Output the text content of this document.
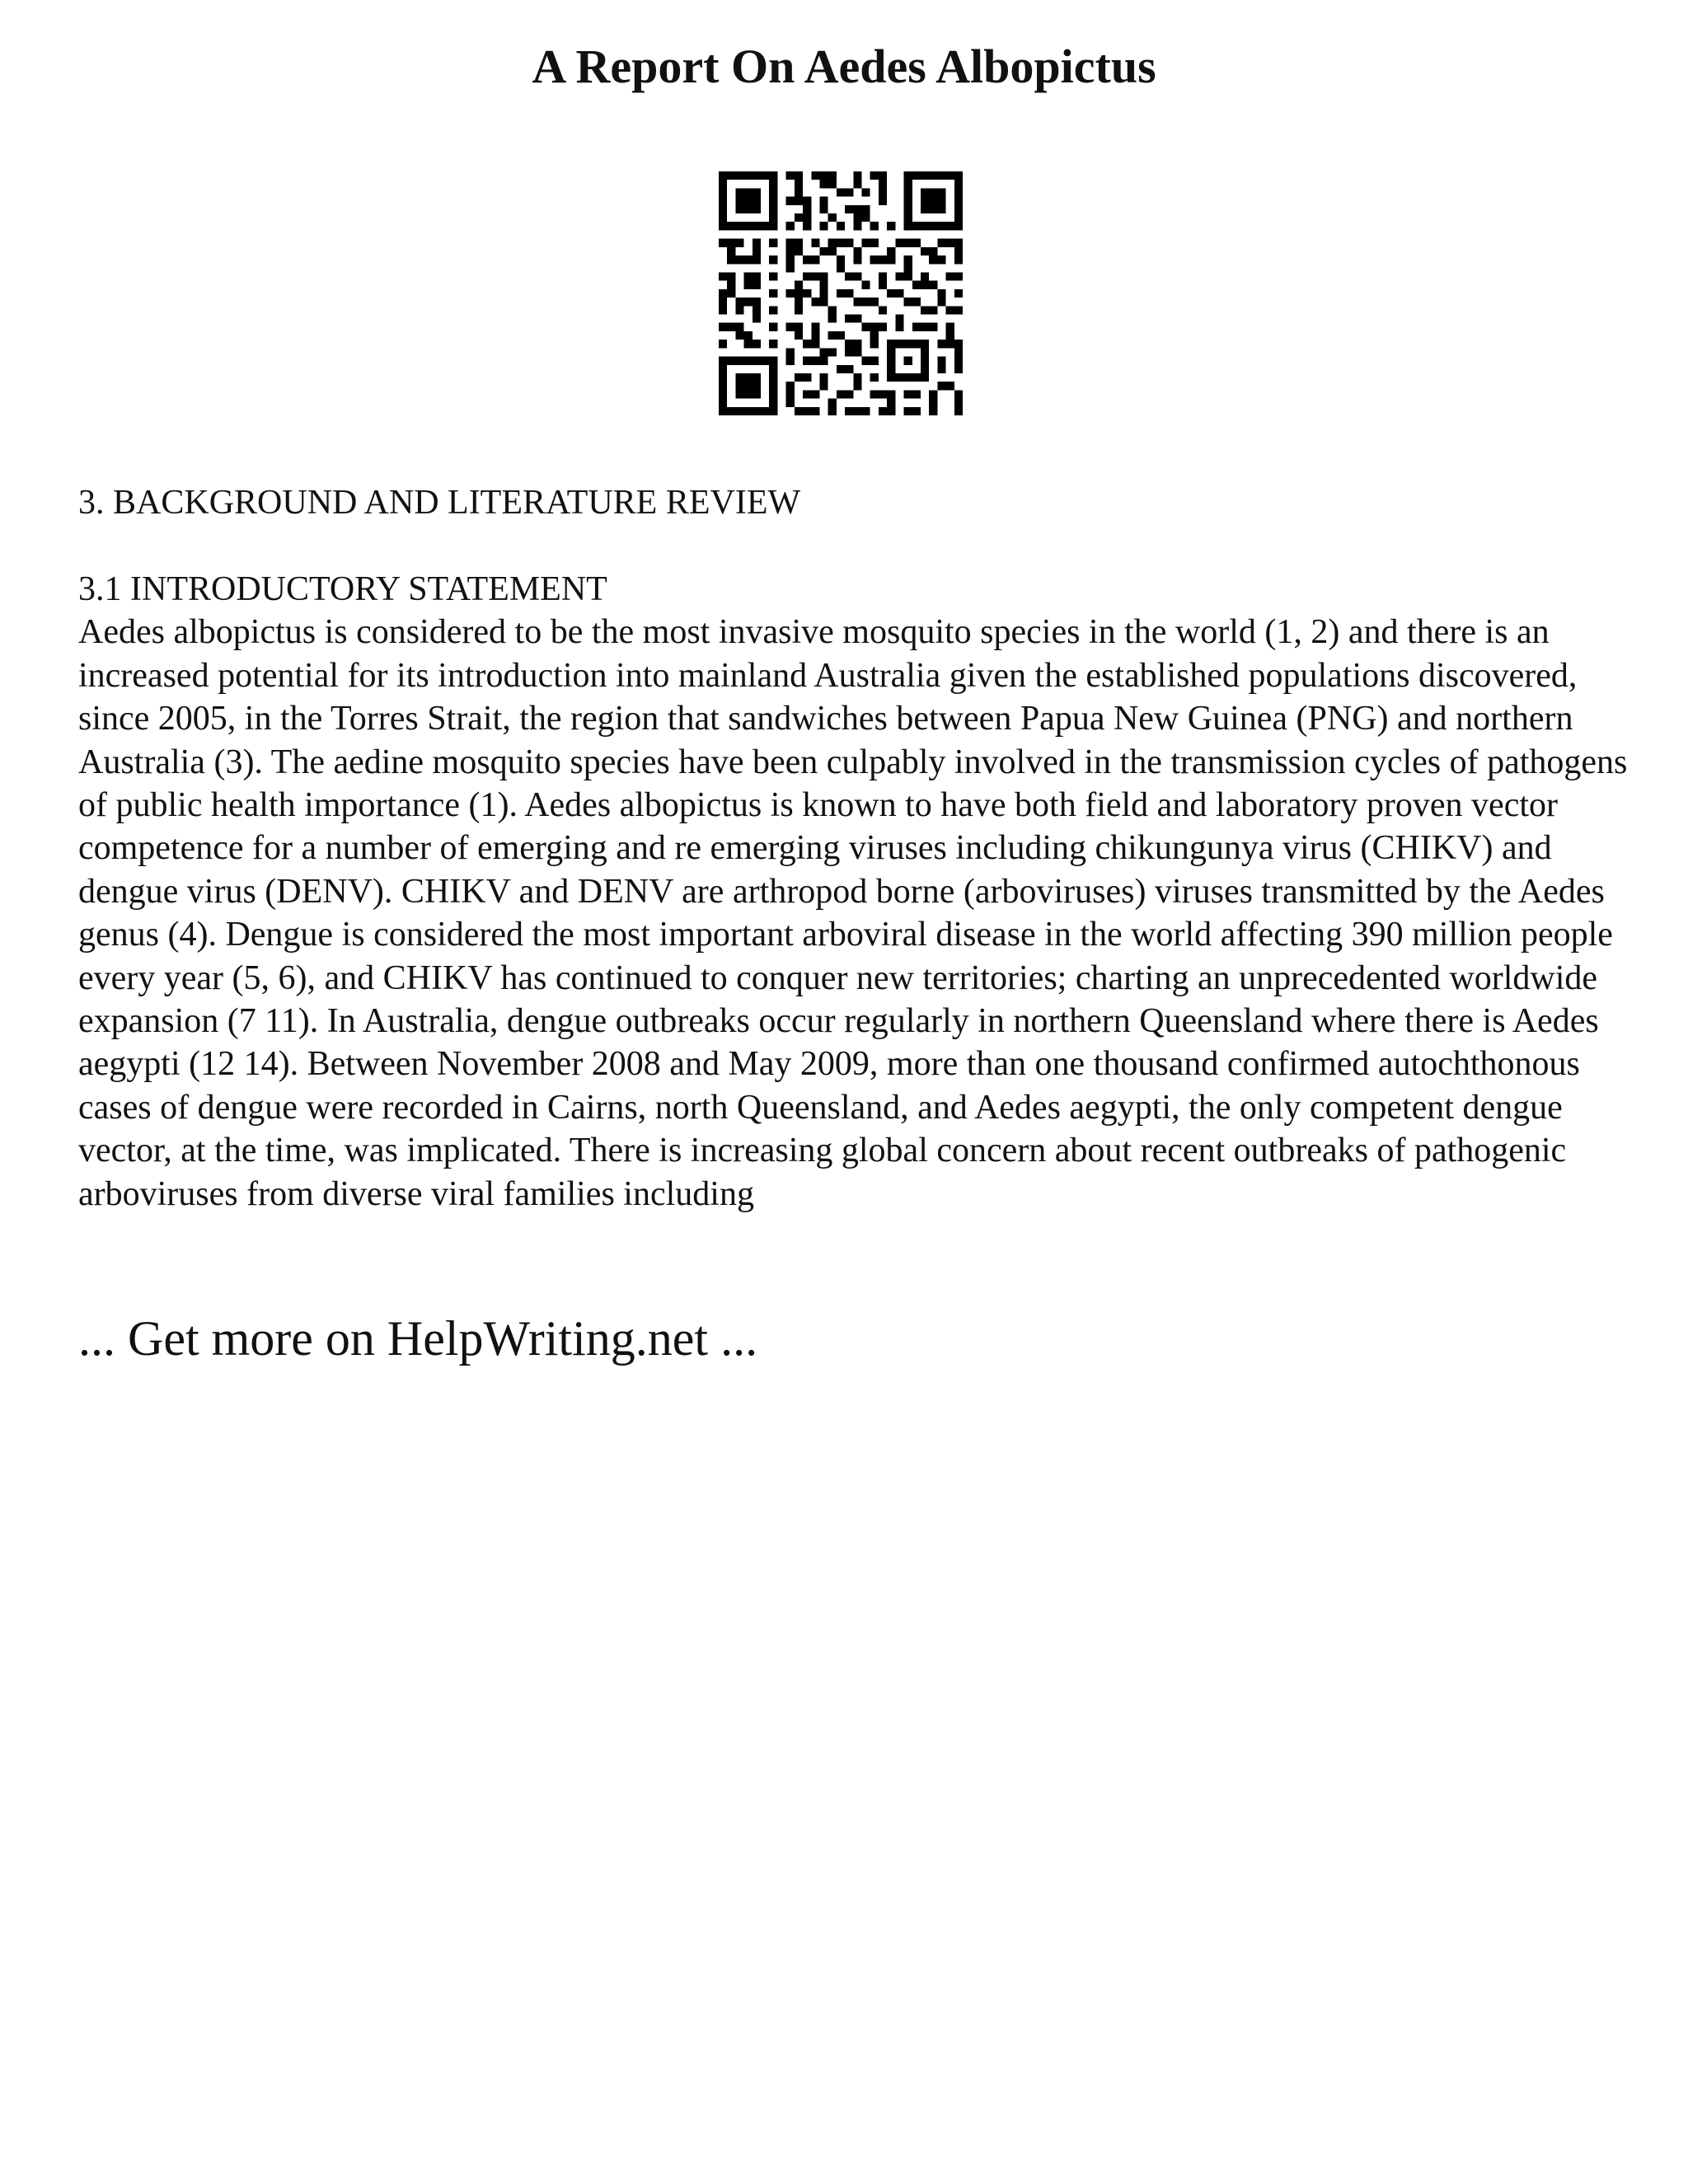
A Report On Aedes Albopictus
3. BACKGROUND AND LITERATURE REVIEW
3.1 INTRODUCTORY STATEMENT

Aedes albopictus is considered to be the most invasive mosquito species in the world (1, 2) and there is an increased potential for its introduction into mainland Australia given the established populations discovered, since 2005, in the Torres Strait, the region that sandwiches between Papua New Guinea (PNG) and northern Australia (3). The aedine mosquito species have been culpably involved in the transmission cycles of pathogens of public health importance (1). Aedes albopictus is known to have both field and laboratory proven vector competence for a number of emerging and re emerging viruses including chikungunya virus (CHIKV) and dengue virus (DENV). CHIKV and DENV are arthropod borne (arboviruses) viruses transmitted by the Aedes genus (4). Dengue is considered the most important arboviral disease in the world affecting 390 million people every year (5, 6), and CHIKV has continued to conquer new territories; charting an unprecedented worldwide expansion (7 11). In Australia, dengue outbreaks occur regularly in northern Queensland where there is Aedes aegypti (12 14). Between November 2008 and May 2009, more than one thousand confirmed autochthonous cases of dengue were recorded in Cairns, north Queensland, and Aedes aegypti, the only competent dengue vector, at the time, was implicated. There is increasing global concern about recent outbreaks of pathogenic arboviruses from diverse viral families including

... Get more on HelpWriting.net ...
